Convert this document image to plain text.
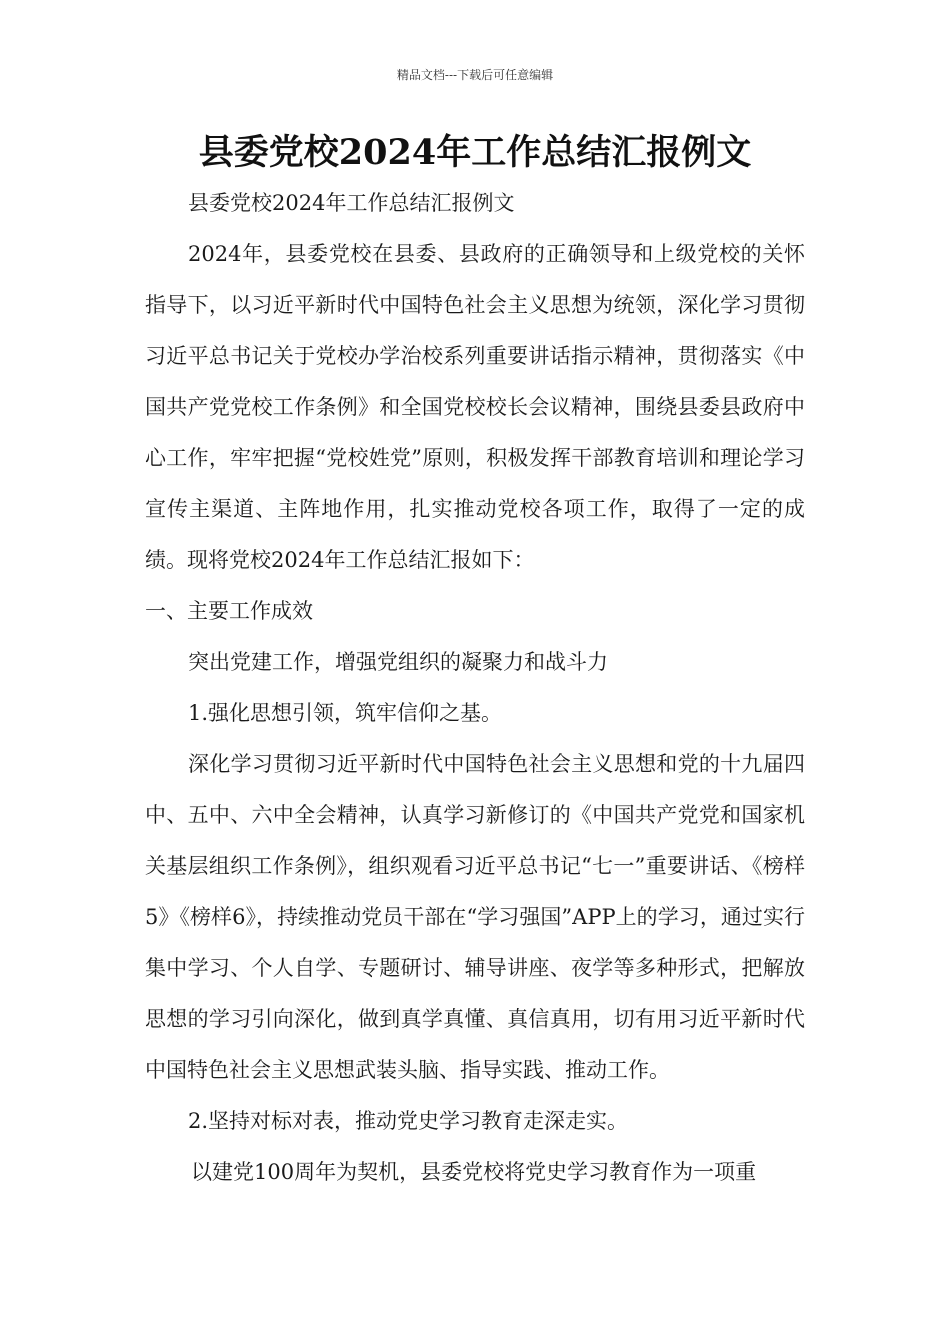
精品文档---下载后可任意编辑
县委党校2024年工作总结汇报例文

县委党校2024年工作总结汇报例文

2024年，县委党校在县委、县政府的正确领导和上级党校的关怀指导下，以习近平新时代中国特色社会主义思想为统领，深化学习贯彻习近平总书记关于党校办学治校系列重要讲话指示精神，贯彻落实《中国共产党党校工作条例》和全国党校校长会议精神，围绕县委县政府中心工作，牢牢把握“党校姓党”原则，积极发挥干部教育培训和理论学习宣传主渠道、主阵地作用，扎实推动党校各项工作，取得了一定的成绩。现将党校2024年工作总结汇报如下：

一、主要工作成效

突出党建工作，增强党组织的凝聚力和战斗力

1.强化思想引领，筑牢信仰之基。

深化学习贯彻习近平新时代中国特色社会主义思想和党的十九届四中、五中、六中全会精神，认真学习新修订的《中国共产党党和国家机关基层组织工作条例》，组织观看习近平总书记“七一”重要讲话、《榜样5》《榜样6》，持续推动党员干部在“学习强国”APP上的学习，通过实行集中学习、个人自学、专题研讨、辅导讲座、夜学等多种形式，把解放思想的学习引向深化，做到真学真懂、真信真用，切有用习近平新时代中国特色社会主义思想武装头脑、指导实践、推动工作。

2.坚持对标对表，推动党史学习教育走深走实。

以建党100周年为契机，县委党校将党史学习教育作为一项重
